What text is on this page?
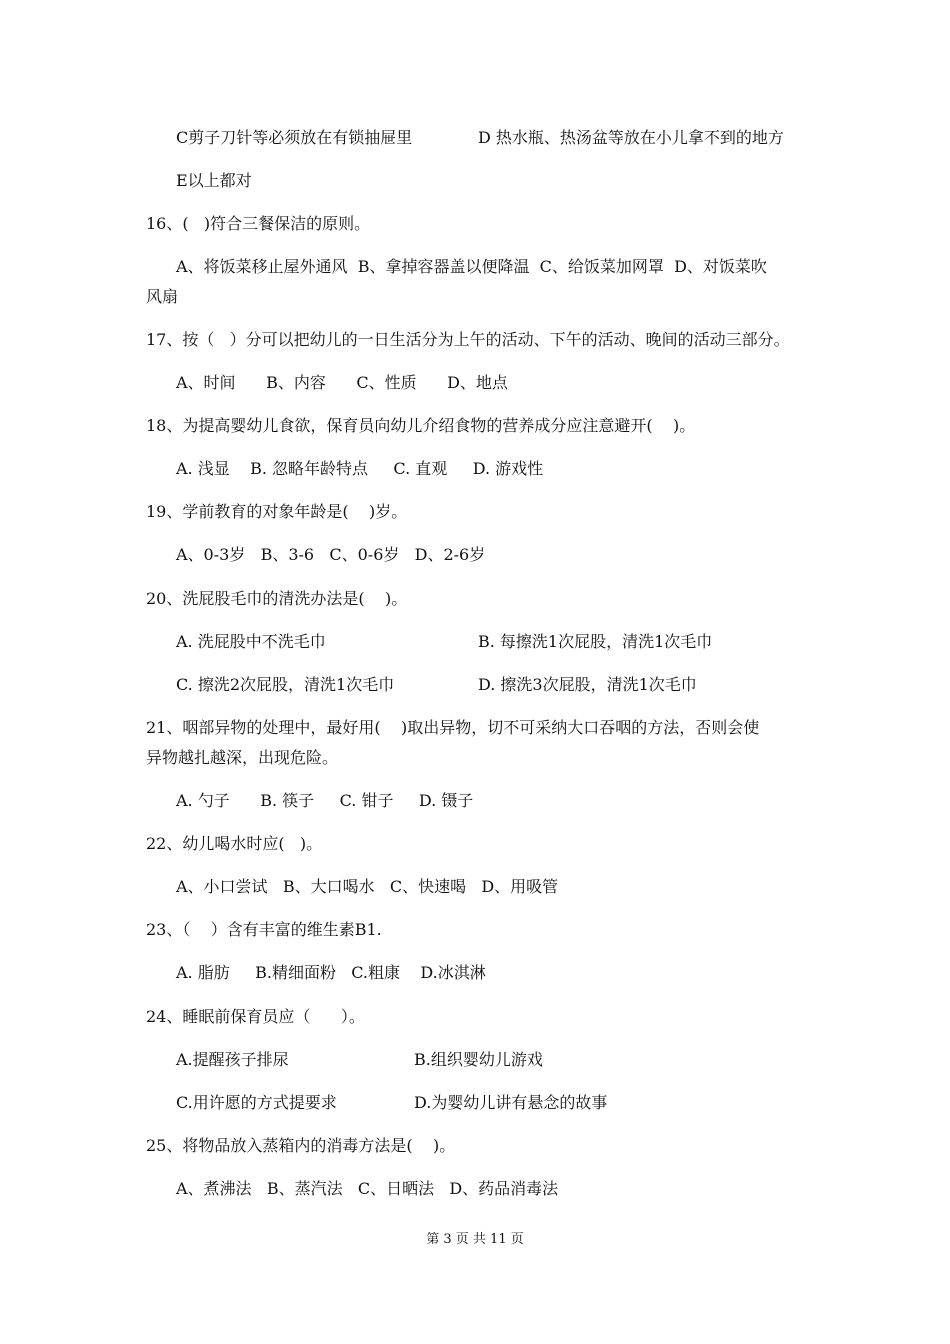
C剪子刀针等必须放在有锁抽屉里	D 热水瓶、热汤盆等放在小儿拿不到的地方
E以上都对
16、(   )符合三餐保洁的原则。
A、将饭菜移止屋外通风  B、拿掉容器盖以便降温  C、给饭菜加网罩  D、对饭菜吹
风扇
17、按（   ）分可以把幼儿的一日生活分为上午的活动、下午的活动、晚间的活动三部分。
A、时间      B、内容      C、性质      D、地点
18、为提高婴幼儿食欲，保育员向幼儿介绍食物的营养成分应注意避开(    )。
A. 浅显    B. 忽略年龄特点     C. 直观     D. 游戏性
19、学前教育的对象年龄是(    )岁。
A、0-3岁   B、3-6   C、0-6岁   D、2-6岁
20、洗屁股毛巾的清洗办法是(    )。
A. 洗屁股中不洗毛巾	B. 每擦洗1次屁股，清洗1次毛巾
C. 擦洗2次屁股，清洗1次毛巾	D. 擦洗3次屁股，清洗1次毛巾
21、咽部异物的处理中，最好用(    )取出异物，切不可采纳大口吞咽的方法，否则会使
异物越扎越深，出现危险。
A. 勺子      B. 筷子     C. 钳子     D. 镊子
22、幼儿喝水时应(   )。
A、小口尝试   B、大口喝水   C、快速喝   D、用吸管
23、（    ）含有丰富的维生素B1.
A. 脂肪     B.精细面粉   C.粗康    D.冰淇淋
24、睡眠前保育员应（      ）。
A.提醒孩子排尿	B.组织婴幼儿游戏
C.用许愿的方式提要求	D.为婴幼儿讲有悬念的故事
25、将物品放入蒸箱内的消毒方法是(    )。
A、煮沸法   B、蒸汽法   C、日晒法   D、药品消毒法
第 3 页 共 11 页
